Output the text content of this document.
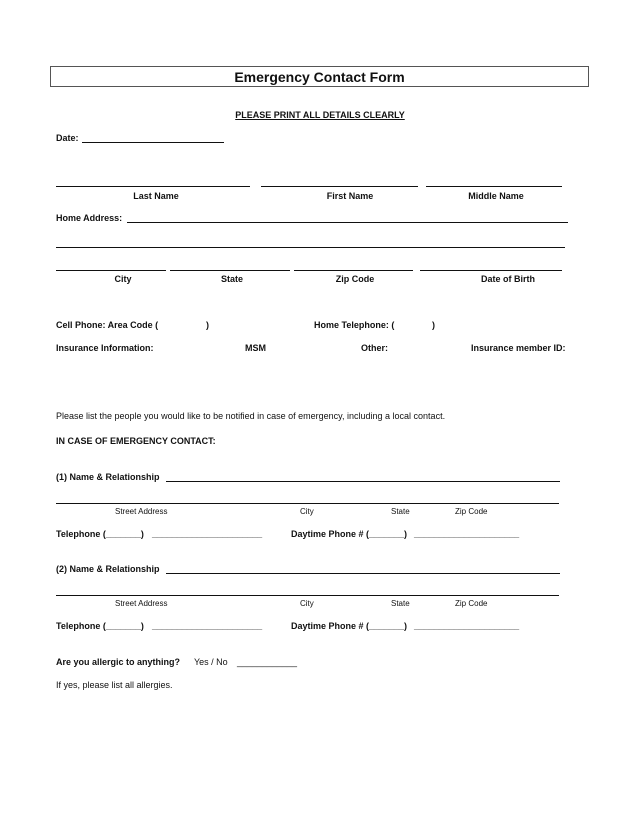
Emergency Contact Form
PLEASE PRINT ALL DETAILS CLEARLY
Date:
Last Name	First Name	Middle Name
Home Address:
City	State	Zip Code	Date of Birth
Cell Phone: Area Code (	)	Home Telephone: (	)
Insurance Information:	MSM	Other:	Insurance member ID:
Please list the people you would like to be notified in case of emergency, including a local contact.
IN CASE OF EMERGENCY CONTACT:
(1) Name & Relationship
Street Address	City	State	Zip Code
Telephone (_______) ______________________	Daytime Phone # (_______) _____________________
(2) Name & Relationship
Street Address	City	State	Zip Code
Telephone (_______) ______________________	Daytime Phone # (_______) _____________________
Are you allergic to anything? Yes / No ____________
If yes, please list all allergies.
